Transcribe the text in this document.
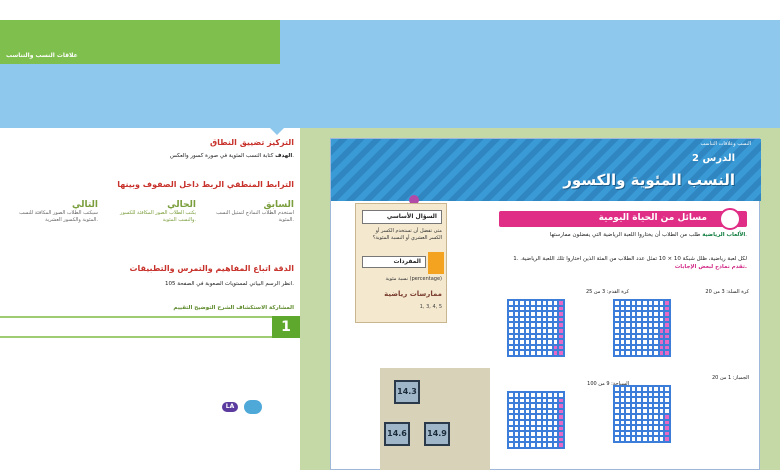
علاقات النسب والتناسب
التركيز تضييق النطاق
الهدف كتابة النسب المئوية في صورة كسور والعكس.
الترابط المنطقي الربط داخل الصفوف وبينها
السابق
استخدم الطلاب النماذج لتمثيل النسب المئوية.
الحالي
يكتب الطلاب الصور المكافئة للكسور والنسب المئوية.
التالي
سيكتب الطلاب الصور المكافئة للنسب المئوية والكسور العشرية.
الدقة اتباع المفاهيم والتمرس والتطبيقات
انظر الرسم البياني لمستويات الصعوبة في الصفحة 105.
المشاركة الاستكشاف الشرح التوضيح التقييم
1
LA
النسب وعلاقات التناسب
الدرس 2
النسب المئوية والكسور
السؤال الأساسي
متى تفضل أن تستخدم الكسر أو الكسر العشري أو النسبة المئوية؟
المفردات
نسبة مئوية (percentage)
ممارسات رياضية
1, 3, 4, 5
مسائل من الحياة اليومية
الألعاب الرياضية طلب من الطلاب أن يختاروا اللعبة الرياضية التي يفضلون ممارستها.
1. لكل لعبة رياضية، ظلل شبكة 10 × 10 تمثل عدد الطلاب من المئة الذين اختاروا تلك اللعبة الرياضية. تقدم نماذج لبعض الإجابات.
كرة السلة: 3 من 20
كرة القدم: 3 من 25
الجمباز: 1 من 20
السباحة: 9 من 100
14.3
14.6	14.9
